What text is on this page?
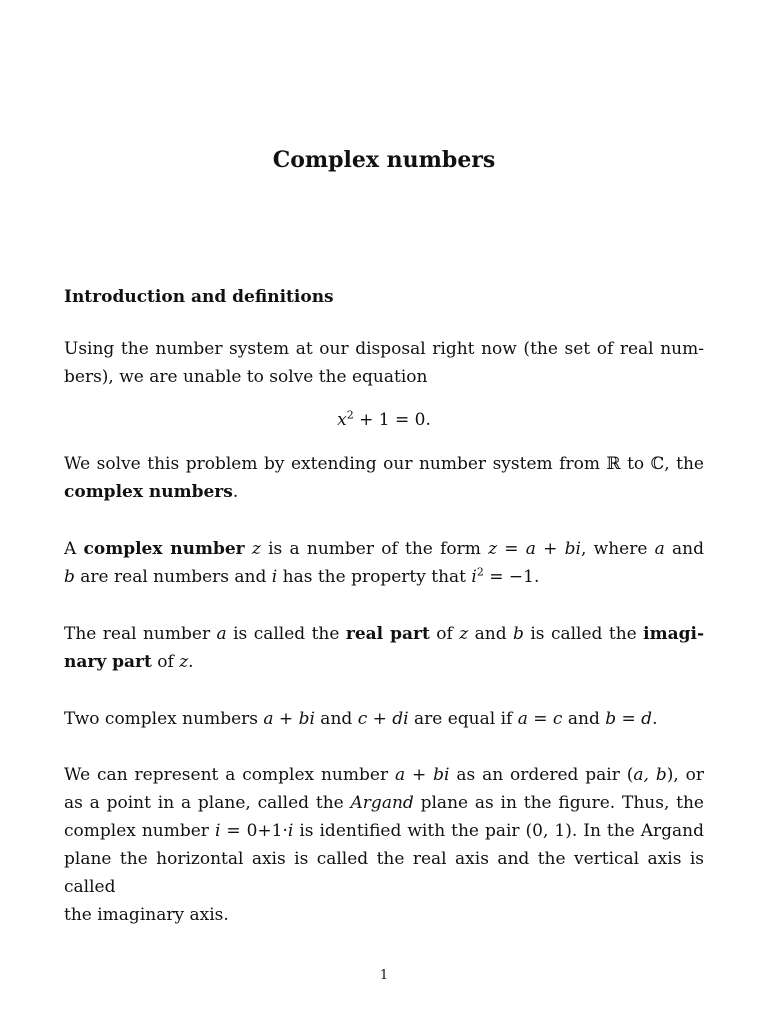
Complex numbers
Introduction and definitions
Using the number system at our disposal right now (the set of real num-
bers), we are unable to solve the equation
$x^2 + 1 = 0$.
We solve this problem by extending our number system from ℝ to ℂ, the
complex numbers.
A complex number z is a number of the form z = a + bi, where a and
b are real numbers and i has the property that $i^2 = -1$.
The real number a is called the real part of z and b is called the imagi-
nary part of z.
Two complex numbers a + bi and c + di are equal if a = c and b = d.
We can represent a complex number a + bi as an ordered pair (a, b), or
as a point in a plane, called the Argand plane as in the figure. Thus, the
complex number i = 0+1·i is identified with the pair (0, 1). In the Argand
plane the horizontal axis is called the real axis and the vertical axis is called
the imaginary axis.
1
